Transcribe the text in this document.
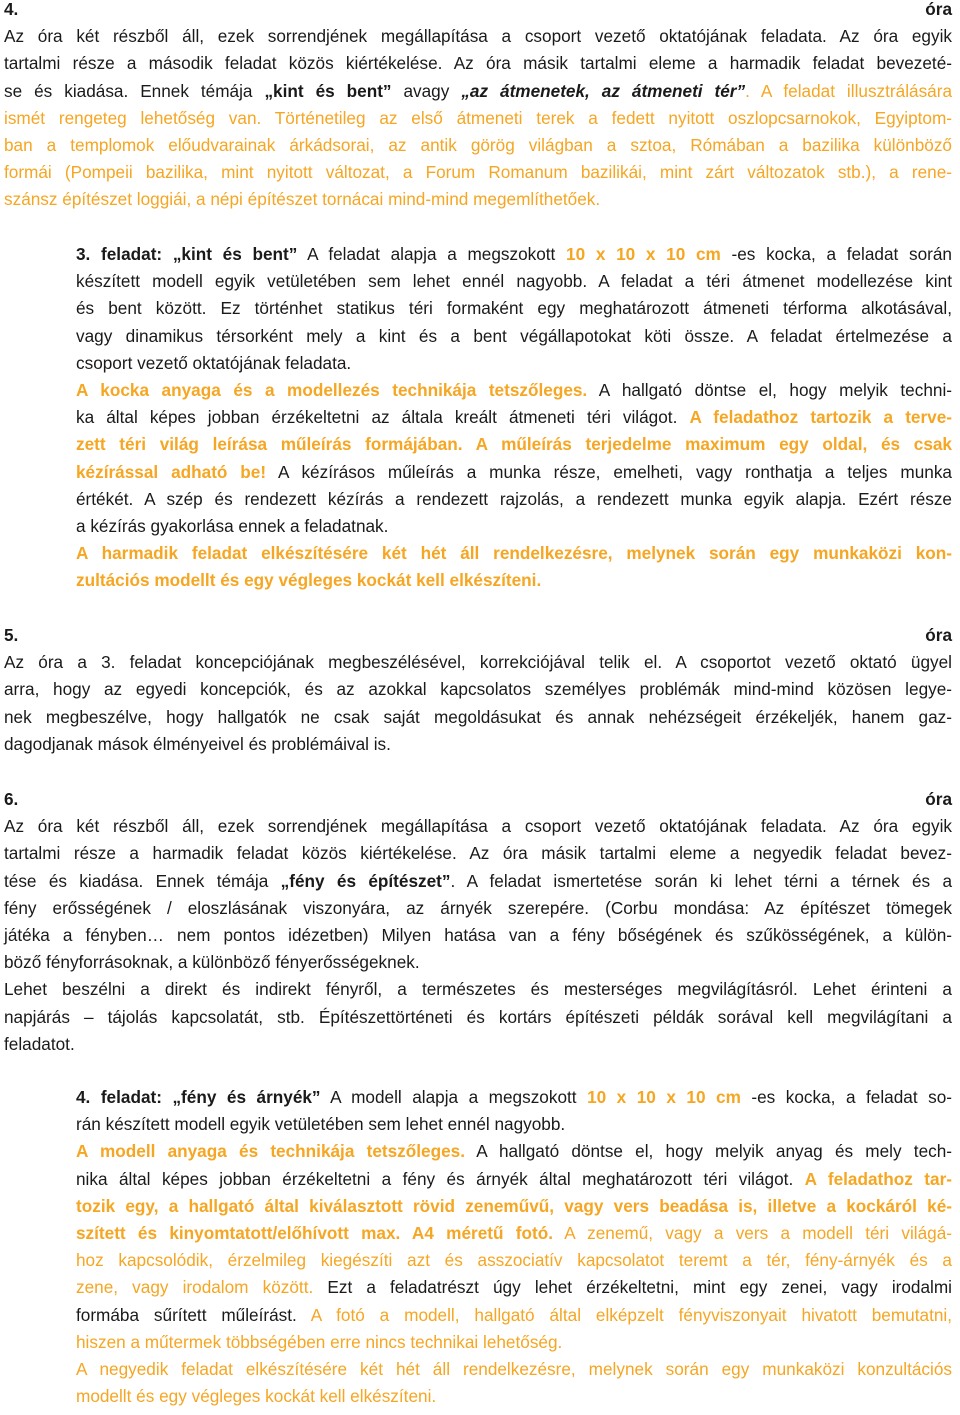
4. óra
Az óra két részből áll, ezek sorrendjének megállapítása a csoport vezető oktatójának feladata. Az óra egyik
tartalmi része a második feladat közös kiértékelése. Az óra másik tartalmi eleme a harmadik feladat bevezeté-
se és kiadása. Ennek témája „kint és bent” avagy „az átmenetek, az átmeneti tér”. A feladat illusztrálására
ismét rengeteg lehetőség van. Történetileg az első átmeneti terek a fedett nyitott oszlopcsarnokok, Egyiptom-
ban a templomok előudvarainak árkádsorai, az antik görög világban a sztoa, Rómában a bazilika különböző
formái (Pompeii bazilika, mint nyitott változat, a Forum Romanum bazilikái, mint zárt változatok stb.), a rene-
szánsz építészet loggiái, a népi építészet tornácai mind-mind megemlíthetőek.
3. feladat: „kint és bent” A feladat alapja a megszokott 10 x 10 x 10 cm -es kocka, a feladat során
készített modell egyik vetületében sem lehet ennél nagyobb. A feladat a téri átmenet modellezése kint
és bent között. Ez történhet statikus téri formaként egy meghatározott átmeneti térforma alkotásával,
vagy dinamikus térsorként mely a kint és a bent végállapotokat köti össze. A feladat értelmezése a
csoport vezető oktatójának feladata.
A kocka anyaga és a modellezés technikája tetszőleges. A hallgató döntse el, hogy melyik techni-
ka által képes jobban érzékeltetni az általa kreált átmeneti téri világot. A feladathoz tartozik a terve-
zett téri világ leírása műleírás formájában. A műleírás terjedelme maximum egy oldal, és csak
kézírással adható be! A kézírásos műleírás a munka része, emelheti, vagy ronthatja a teljes munka
értékét. A szép és rendezett kézírás a rendezett rajzolás, a rendezett munka egyik alapja. Ezért része
a kézírás gyakorlása ennek a feladatnak.
A harmadik feladat elkészítésére két hét áll rendelkezésre, melynek során egy munkaközi kon-
zultációs modellt és egy végleges kockát kell elkészíteni.
5. óra
Az óra a 3. feladat koncepciójának megbeszélésével, korrekciójával telik el. A csoportot vezető oktató ügyel
arra, hogy az egyedi koncepciók, és az azokkal kapcsolatos személyes problémák mind-mind közösen legye-
nek megbeszélve, hogy hallgatók ne csak saját megoldásukat és annak nehézségeit érzékeljék, hanem gaz-
dagodjanak mások élményeivel és problémáival is.
6. óra
Az óra két részből áll, ezek sorrendjének megállapítása a csoport vezető oktatójának feladata. Az óra egyik
tartalmi része a harmadik feladat közös kiértékelése. Az óra másik tartalmi eleme a negyedik feladat bevez-
tése és kiadása. Ennek témája „fény és építészet”. A feladat ismertetése során ki lehet térni a térnek és a
fény erősségének / eloszlásának viszonyára, az árnyék szerepére. (Corbu mondása: Az építészet tömegek
játéka a fényben… nem pontos idézetben) Milyen hatása van a fény bőségének és szűkösségének, a külön-
böző fényforrásoknak, a különböző fényerősségeknek.
Lehet beszélni a direkt és indirekt fényről, a természetes és mesterséges megvilágításról. Lehet érinteni a
napjárás – tájolás kapcsolatát, stb. Építészettörténeti és kortárs építészeti példák sorával kell megvilágítani a
feladatot.
4. feladat: „fény és árnyék” A modell alapja a megszokott 10 x 10 x 10 cm -es kocka, a feladat so-
rán készített modell egyik vetületében sem lehet ennél nagyobb.
A modell anyaga és technikája tetszőleges. A hallgató döntse el, hogy melyik anyag és mely tech-
nika által képes jobban érzékeltetni a fény és árnyék által meghatározott téri világot. A feladathoz tar-
tozik egy, a hallgató által kiválasztott rövid zeneművű, vagy vers beadása is, illetve a kockáról ké-
szített és kinyomtatott/előhívott max. A4 méretű fotó. A zenemű, vagy a vers a modell téri világá-
hoz kapcsolódik, érzelmileg kiegészíti azt és asszociatív kapcsolatot teremt a tér, fény-árnyék és a
zene, vagy irodalom között. Ezt a feladatrészt úgy lehet érzékeltetni, mint egy zenei, vagy irodalmi
formába sűrített műleírást. A fotó a modell, hallgató által elképzelt fényviszonyait hivatott bemutatni,
hiszen a műtermek többségében erre nincs technikai lehetőség.
A negyedik feladat elkészítésére két hét áll rendelkezésre, melynek során egy munkaközi konzultációs
modellt és egy végleges kockát kell elkészíteni.
